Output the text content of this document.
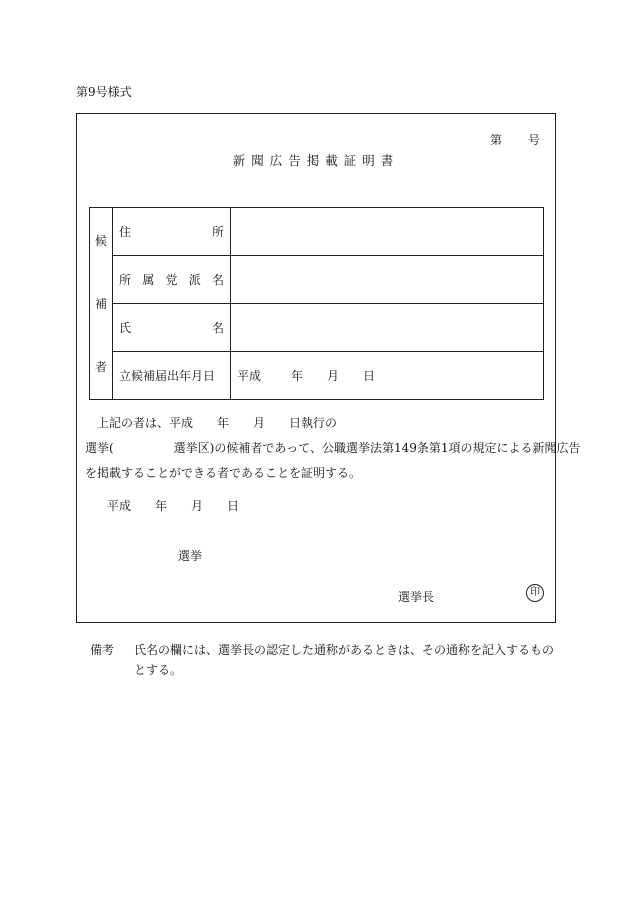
第9号様式
第 号
新聞広告掲載証明書
候
補
者	住 所	

	所 属 党 派 名	

	氏 名	

	立候補届出年月日	平成 年 月 日
上記の者は、平成　　年　　月　　日執行の
選挙(　　　　　選挙区)の候補者であって、公職選挙法第149条第1項の規定による新聞広告
を掲載することができる者であることを証明する。
平成 年 月 日
選挙
選挙長	印
備考 氏名の欄には、選挙長の認定した通称があるときは、その通称を記入するものとする。
